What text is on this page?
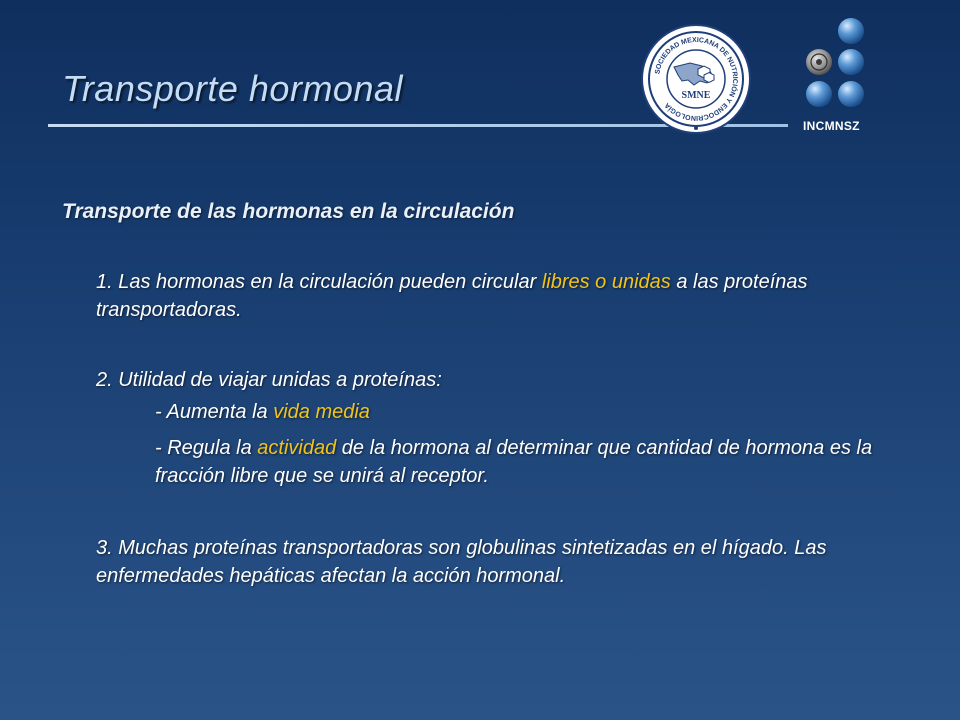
Transporte hormonal	SOCIEDAD MEXICANA DE NUTRICIÓN Y ENDOCRINOLOGÍA
SMNE

INCMNSZ

Transporte de las hormonas en la circulación

1. Las hormonas en la circulación pueden circular libres o unidas a las proteínas transportadoras.

2. Utilidad de viajar unidas a proteínas:

- Aumenta la vida media

- Regula la actividad de la hormona al determinar que cantidad de hormona es la fracción libre que se unirá al receptor.

3. Muchas proteínas transportadoras son globulinas sintetizadas en el hígado. Las enfermedades hepáticas afectan la acción hormonal.
